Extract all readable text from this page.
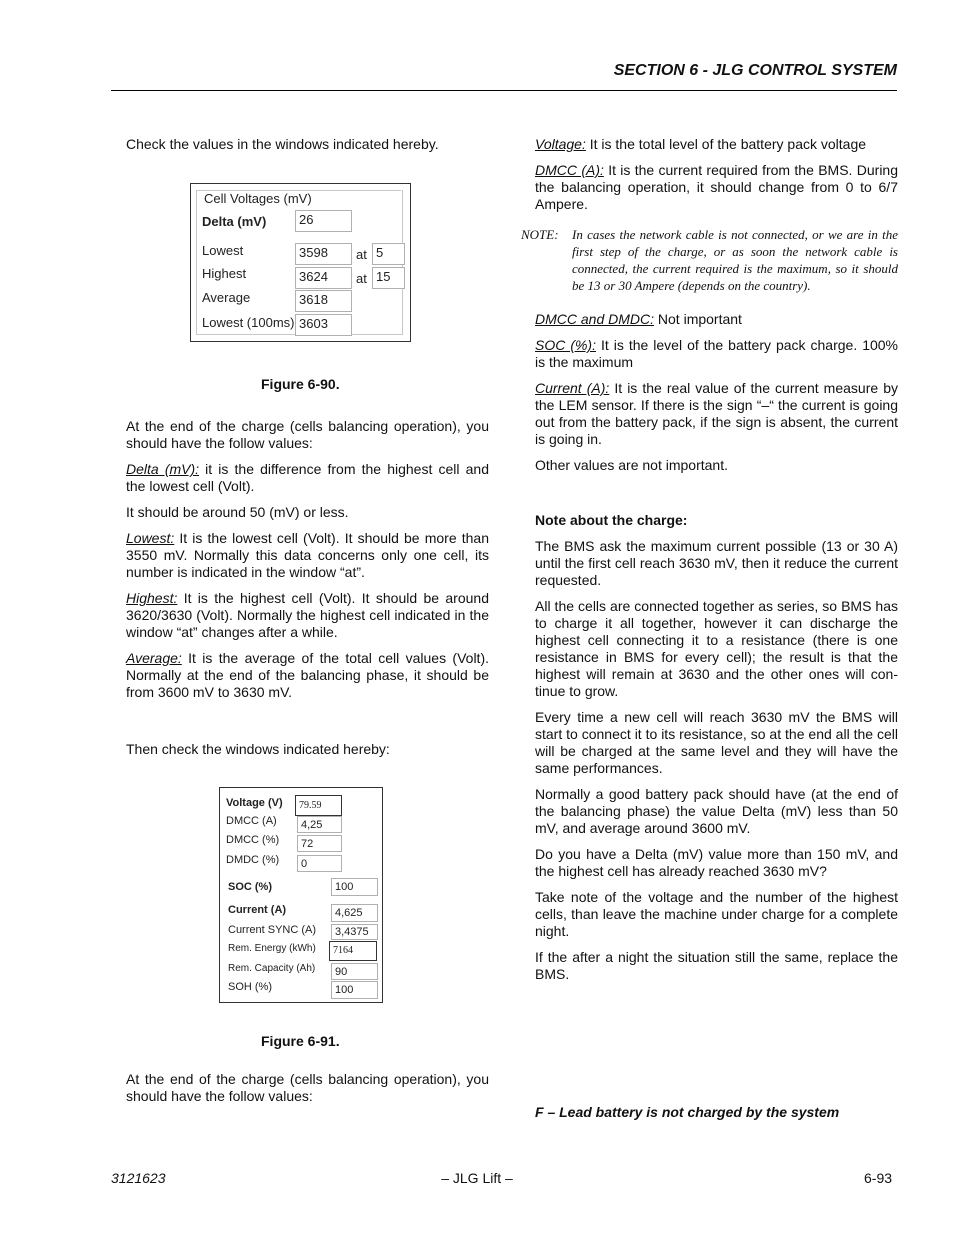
SECTION 6 - JLG CONTROL SYSTEM

Check the values in the windows indicated hereby.

Cell Voltages (mV)
Delta (mV)	26
Lowest	3598	at 5
Highest	3624	at 15
Average	3618
Lowest (100ms) 3603
Figure 6-90.

At the end of the charge (cells balancing operation), you should have the follow values:

Delta (mV): it is the difference from the highest cell and the lowest cell (Volt).

It should be around 50 (mV) or less.

Lowest: It is the lowest cell (Volt). It should be more than 3550 mV. Normally this data concerns only one cell, its number is indicated in the window “at”.

Highest: It is the highest cell (Volt). It should be around 3620/3630 (Volt). Normally the highest cell indicated in the window “at” changes after a while.

Average: It is the average of the total cell values (Volt). Normally at the end of the balancing phase, it should be from 3600 mV to 3630 mV.

Then check the windows indicated hereby:

Voltage (V)	79.59
DMCC (A)	4,25
DMCC (%)	72
DMDC (%)	0
SOC (%)	100
Current (A)	4,625
Current SYNC (A)	3,4375
Rem. Energy (kWh)	7164
Rem. Capacity (Ah)	90
SOH (%)	100
Figure 6-91.

At the end of the charge (cells balancing operation), you should have the follow values:

Voltage: It is the total level of the battery pack voltage

DMCC (A): It is the current required from the BMS. During the balancing operation, it should change from 0 to 6/7 Ampere.

NOTE: In cases the network cable is not connected, or we are in the first step of the charge, or as soon the network cable is connected, the current required is the maximum, so it should be 13 or 30 Ampere (depends on the country).

DMCC and DMDC: Not important

SOC (%): It is the level of the battery pack charge. 100% is the maximum

Current (A): It is the real value of the current measure by the LEM sensor. If there is the sign “–“ the current is going out from the battery pack, if the sign is absent, the current is going in.

Other values are not important.

Note about the charge:

The BMS ask the maximum current possible (13 or 30 A) until the first cell reach 3630 mV, then it reduce the current requested.

All the cells are connected together as series, so BMS has to charge it all together, however it can discharge the highest cell connecting it to a resistance (there is one resistance in BMS for every cell); the result is that the highest will remain at 3630 and the other ones will con-tinue to grow.

Every time a new cell will reach 3630 mV the BMS will start to connect it to its resistance, so at the end all the cell will be charged at the same level and they will have the same performances.

Normally a good battery pack should have (at the end of the balancing phase) the value Delta (mV) less than 50 mV, and average around 3600 mV.

Do you have a Delta (mV) value more than 150 mV, and the highest cell has already reached 3630 mV?

Take note of the voltage and the number of the highest cells, than leave the machine under charge for a complete night.

If the after a night the situation still the same, replace the BMS.

F – Lead battery is not charged by the system
3121623	– JLG Lift –	6-93
